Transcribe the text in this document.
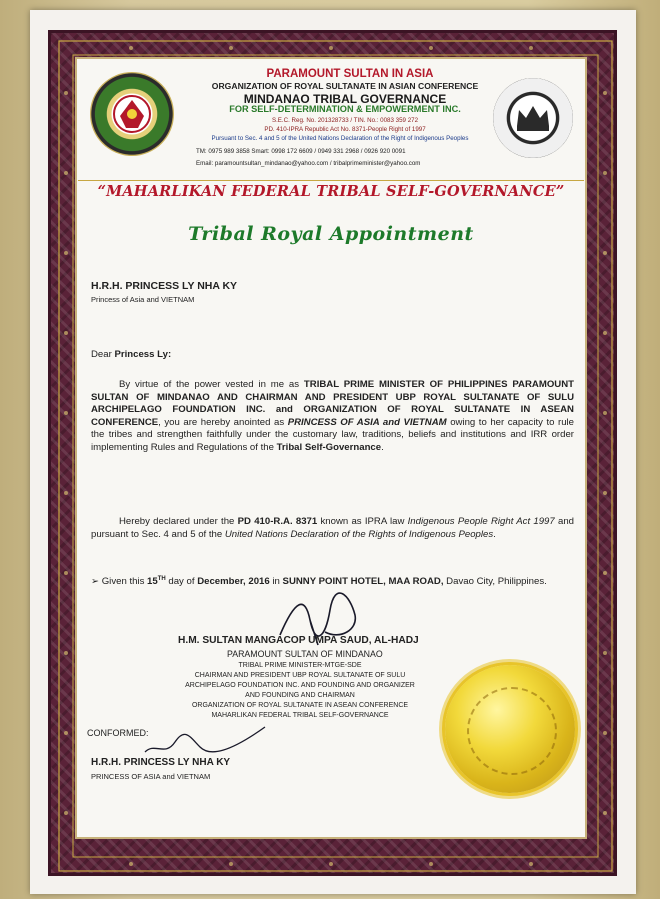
PARAMOUNT SULTAN IN ASIA
ORGANIZATION OF ROYAL SULTANATE IN ASIAN CONFERENCE
MINDANAO TRIBAL GOVERNANCE
FOR SELF-DETERMINATION & EMPOWERMENT INC.
S.E.C. Reg. No. 201328733 / TIN. No.: 0083 359 272
PD. 410-IPRA Republic Act No. 8371-People Right of 1997
Pursuant to Sec. 4 and 5 of the United Nations Declaration of the Right of Indigenous Peoples
TM: 0975 989 3858 Smart: 0998 172 6609 / 0949 331 2968 / 0926 920 0091
Email: paramountsultan_mindanao@yahoo.com / tribalprimeminister@yahoo.com
“MAHARLIKAN FEDERAL TRIBAL SELF-GOVERNANCE”
Tribal Royal Appointment
H.R.H. PRINCESS LY NHA KY
Princess of Asia and VIETNAM
Dear Princess Ly:
By virtue of the power vested in me as TRIBAL PRIME MINISTER OF PHILIPPINES PARAMOUNT SULTAN OF MINDANAO AND CHAIRMAN AND PRESIDENT UBP ROYAL SULTANATE OF SULU ARCHIPELAGO FOUNDATION INC. and ORGANIZATION OF ROYAL SULTANATE IN ASEAN CONFERENCE, you are hereby anointed as PRINCESS OF ASIA and VIETNAM owing to her capacity to rule the tribes and strengthen faithfully under the customary law, traditions, beliefs and institutions and IRR order implementing Rules and Regulations of the Tribal Self-Governance.
Hereby declared under the PD 410-R.A. 8371 known as IPRA law Indigenous People Right Act 1997 and pursuant to Sec. 4 and 5 of the United Nations Declaration of the Rights of Indigenous Peoples.
➢ Given this 15TH day of December, 2016 in SUNNY POINT HOTEL, MAA ROAD, Davao City, Philippines.
H.M. SULTAN MANGACOP UMPA SAUD, AL-HADJ
PARAMOUNT SULTAN OF MINDANAO
TRIBAL PRIME MINISTER-MTGE-SDE
CHAIRMAN AND PRESIDENT UBP ROYAL SULTANATE OF SULU
ARCHIPELAGO FOUNDATION INC. AND FOUNDING AND ORGANIZER
AND FOUNDING AND CHAIRMAN
ORGANIZATION OF ROYAL SULTANATE IN ASEAN CONFERENCE
MAHARLIKAN FEDERAL TRIBAL SELF-GOVERNANCE
CONFORMED:
H.R.H. PRINCESS LY NHA KY
PRINCESS OF ASIA and VIETNAM
